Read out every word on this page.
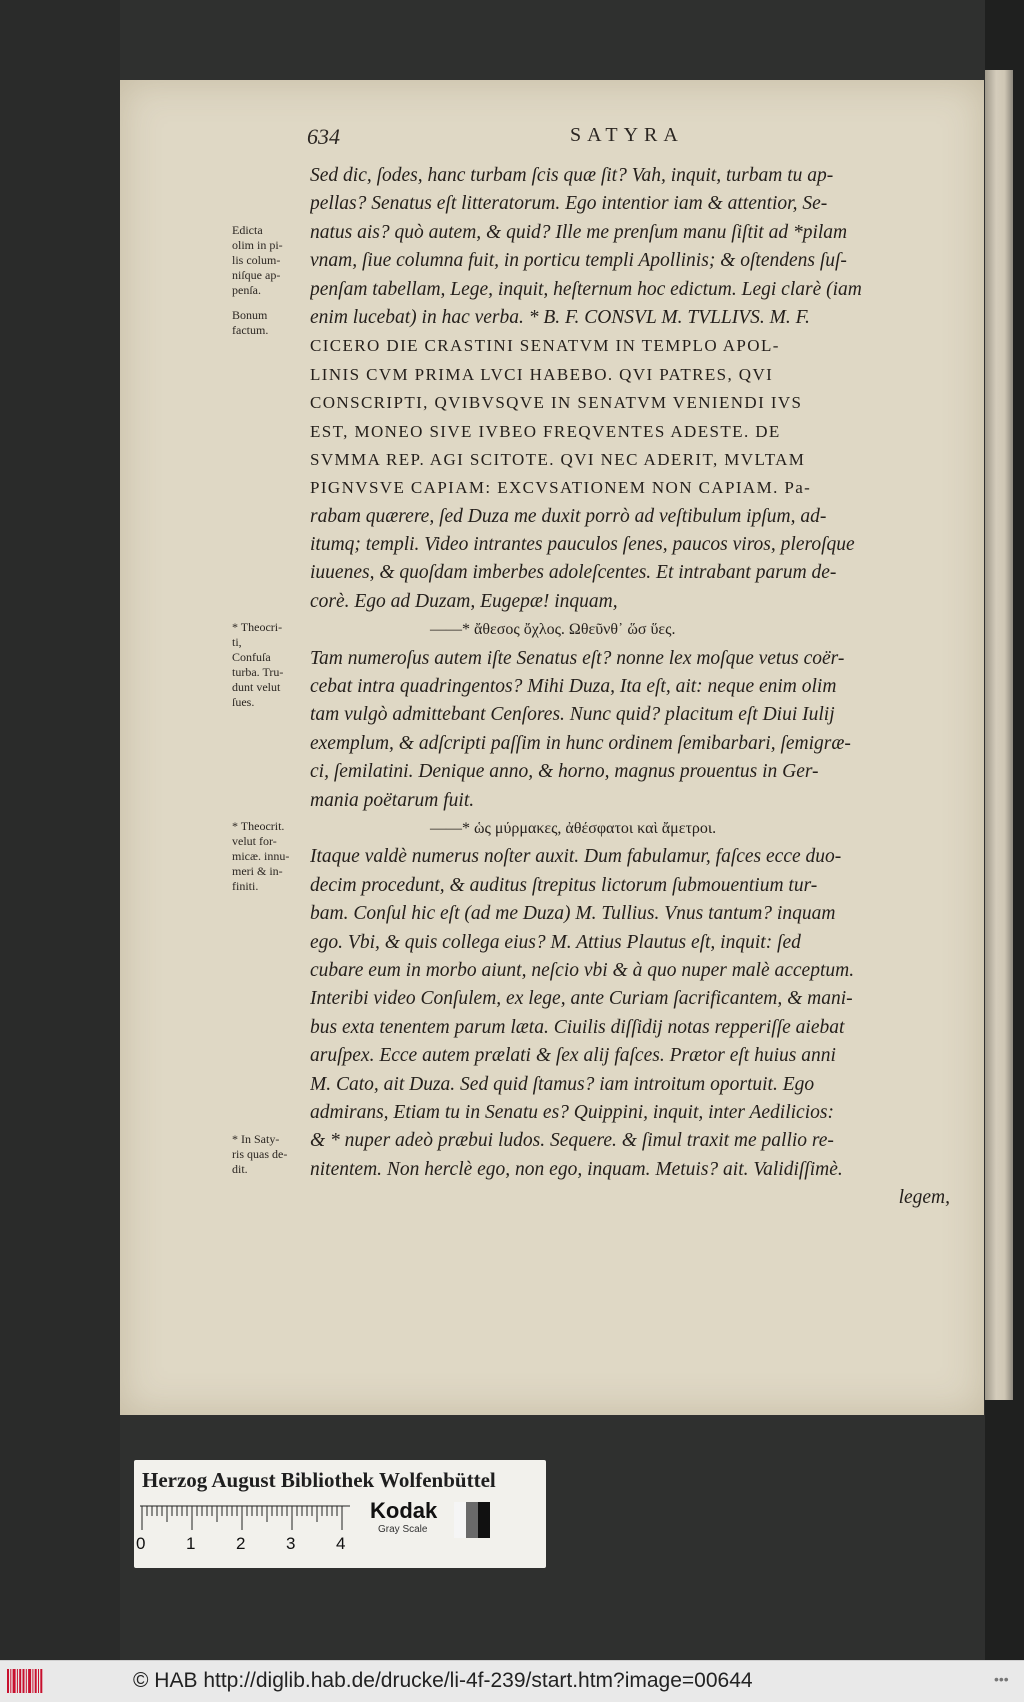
634	SATYRA
Sed dic, ſodes, hanc turbam ſcis quæ ſit? Vah, inquit, turbam tu ap-
pellas? Senatus eſt litteratorum. Ego intentior iam & attentior, Se-
natus ais? quò autem, & quid? Ille me prenſum manu ſiſtit ad *pilam
vnam, ſiue columna fuit, in porticu templi Apollinis; & oſtendens ſuſ-
penſam tabellam, Lege, inquit, heſternum hoc edictum. Legi clarè (iam
enim lucebat) in hac verba. * B. F. CONSVL M. TVLLIVS. M. F.
CICERO DIE CRASTINI SENATVM IN TEMPLO APOL-
LINIS CVM PRIMA LVCI HABEBO. QVI PATRES, QVI
CONSCRIPTI, QVIBVSQVE IN SENATVM VENIENDI IVS
EST, MONEO SIVE IVBEO FREQVENTES ADESTE. DE
SVMMA REP. AGI SCITOTE. QVI NEC ADERIT, MVLTAM
PIGNVSVE CAPIAM: EXCVSATIONEM NON CAPIAM. Pa-
rabam quærere, ſed Duza me duxit porrò ad veſtibulum ipſum, ad-
itumq; templi. Video intrantes pauculos ſenes, paucos viros, pleroſque
iuuenes, & quoſdam imberbes adoleſcentes. Et intrabant parum de-
corè. Ego ad Duzam, Eugepæ! inquam,
——* ἄθεσος ὄχλος. Ωθεῦνθ᾽ ὥσ ὕες.
Tam numeroſus autem iſte Senatus eſt? nonne lex moſque vetus coër-
cebat intra quadringentos? Mihi Duza, Ita eſt, ait: neque enim olim
tam vulgò admittebant Cenſores. Nunc quid? placitum eſt Diui Iulij
exemplum, & adſcripti paſſim in hunc ordinem ſemibarbari, ſemigræ-
ci, ſemilatini. Denique anno, & horno, magnus prouentus in Ger-
mania poëtarum fuit.
——* ὡς μύρμακες, ἀθέσφατοι καὶ ἄμετροι.
Itaque valdè numerus noſter auxit. Dum fabulamur, faſces ecce duo-
decim procedunt, & auditus ſtrepitus lictorum ſubmouentium tur-
bam. Conſul hic eſt (ad me Duza) M. Tullius. Vnus tantum? inquam
ego. Vbi, & quis collega eius? M. Attius Plautus eſt, inquit: ſed
cubare eum in morbo aiunt, neſcio vbi & à quo nuper malè acceptum.
Interibi video Conſulem, ex lege, ante Curiam ſacrificantem, & mani-
bus exta tenentem parum læta. Ciuilis diſſidij notas repperiſſe aiebat
aruſpex. Ecce autem prælati & ſex alij faſces. Prætor eſt huius anni
M. Cato, ait Duza. Sed quid ſtamus? iam introitum oportuit. Ego
admirans, Etiam tu in Senatu es? Quippini, inquit, inter Aedilicios:
& * nuper adeò præbui ludos. Sequere. & ſimul traxit me pallio re-
nitentem. Non herclè ego, non ego, inquam. Metuis? ait. Validiſſimè.
legem,
Edicta
olim in pi-
lis colum-
niſque ap-
penſa.
Bonum
factum.
* Theocri-
ti,
Confuſa
turba. Tru-
dunt velut
ſues.
* Theocrit.
velut for-
micæ. innu-
meri & in-
finiti.
* In Saty-
ris quas de-
dit.
Herzog August Bibliothek Wolfenbüttel
0 1 2 3 4
Kodak
Gray Scale
© HAB http://diglib.hab.de/drucke/li-4f-239/start.htm?image=00644	•••
